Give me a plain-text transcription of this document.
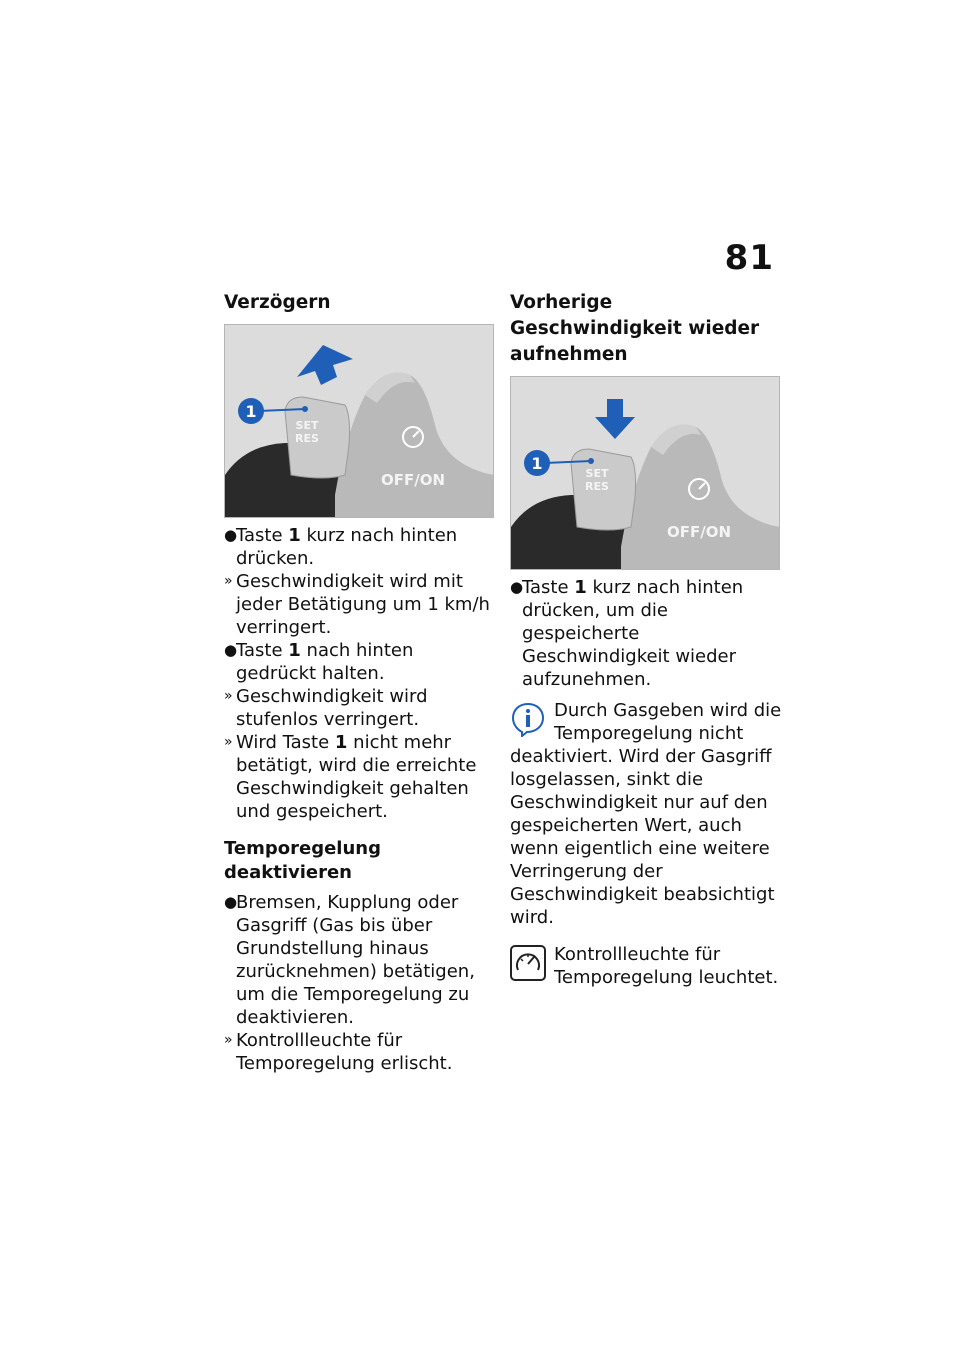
81
Verzögern
1
SET
RES
OFF/ON
●
Taste 1 kurz nach hinten drücken.
» Geschwindigkeit wird mit jeder Betätigung um 1 km/h verringert.
●
Taste 1 nach hinten gedrückt halten.
» Geschwindigkeit wird stufenlos verringert.
» Wird Taste 1 nicht mehr betätigt, wird die erreichte Geschwindigkeit gehalten und gespeichert.
Temporegelung deaktivieren
●
Bremsen, Kupplung oder Gasgriff (Gas bis über Grundstellung hinaus zurücknehmen) betätigen, um die Temporegelung zu deaktivieren.
» Kontrollleuchte für Temporegelung erlischt.
Vorherige Geschwindigkeit wieder aufnehmen
1
SET
RES
OFF/ON
●
Taste 1 kurz nach hinten drücken, um die gespeicherte Geschwindigkeit wieder aufzunehmen.
Durch Gasgeben wird die Temporegelung nicht deaktiviert. Wird der Gasgriff losgelassen, sinkt die Geschwindigkeit nur auf den gespeicherten Wert, auch wenn eigentlich eine weitere Verringerung der Geschwindigkeit beabsichtigt wird.
Kontrollleuchte für Temporegelung leuchtet.
